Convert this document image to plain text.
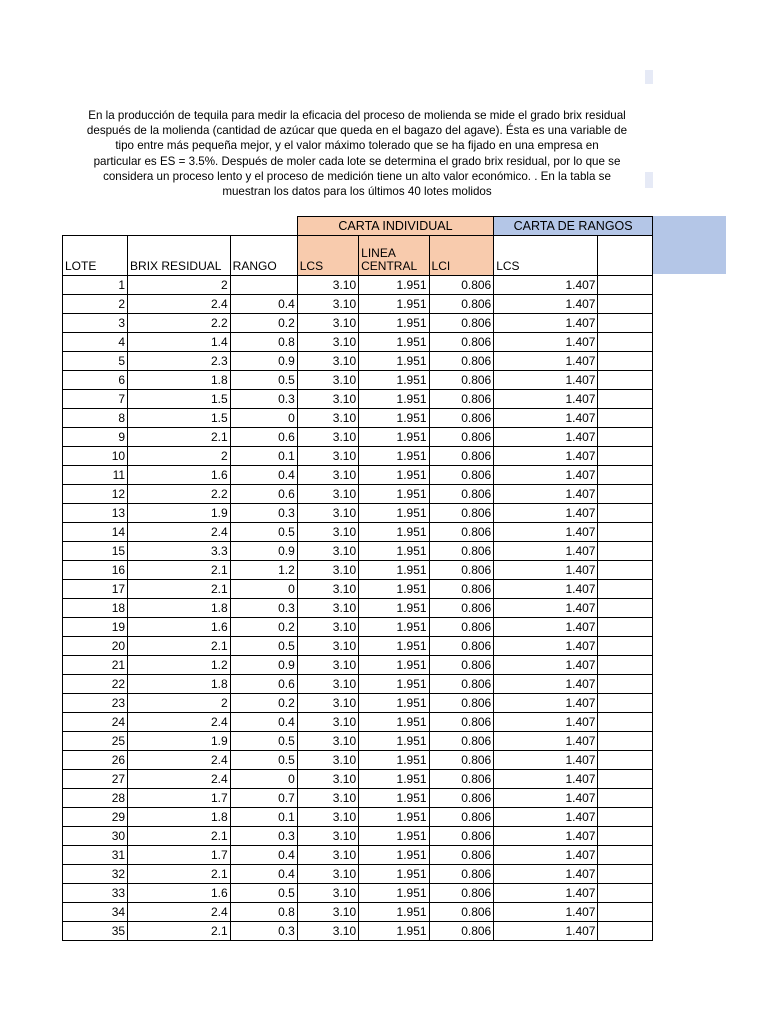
En la producción de tequila para medir la eficacia del proceso de molienda se mide el grado brix residual
después de la molienda (cantidad de azúcar que queda en el bagazo del agave). Ésta es una variable de
tipo entre más pequeña mejor, y el valor máximo tolerado que se ha fijado en una empresa en
particular es ES = 3.5%. Después de moler cada lote se determina el grado brix residual, por lo que se
considera un proceso lento y el proceso de medición tiene un alto valor económico. . En la tabla se
muestran los datos para los últimos 40 lotes molidos
			CARTA INDIVIDUAL			CARTA DE RANGOS	
LOTE	BRIX RESIDUAL	RANGO	LCS	LINEA CENTRAL	LCI	LCS	
1	2		3.10	1.951	0.806	1.407	
2	2.4	0.4	3.10	1.951	0.806	1.407	
3	2.2	0.2	3.10	1.951	0.806	1.407	
4	1.4	0.8	3.10	1.951	0.806	1.407	
5	2.3	0.9	3.10	1.951	0.806	1.407	
6	1.8	0.5	3.10	1.951	0.806	1.407	
7	1.5	0.3	3.10	1.951	0.806	1.407	
8	1.5	0	3.10	1.951	0.806	1.407	
9	2.1	0.6	3.10	1.951	0.806	1.407	
10	2	0.1	3.10	1.951	0.806	1.407	
11	1.6	0.4	3.10	1.951	0.806	1.407	
12	2.2	0.6	3.10	1.951	0.806	1.407	
13	1.9	0.3	3.10	1.951	0.806	1.407	
14	2.4	0.5	3.10	1.951	0.806	1.407	
15	3.3	0.9	3.10	1.951	0.806	1.407	
16	2.1	1.2	3.10	1.951	0.806	1.407	
17	2.1	0	3.10	1.951	0.806	1.407	
18	1.8	0.3	3.10	1.951	0.806	1.407	
19	1.6	0.2	3.10	1.951	0.806	1.407	
20	2.1	0.5	3.10	1.951	0.806	1.407	
21	1.2	0.9	3.10	1.951	0.806	1.407	
22	1.8	0.6	3.10	1.951	0.806	1.407	
23	2	0.2	3.10	1.951	0.806	1.407	
24	2.4	0.4	3.10	1.951	0.806	1.407	
25	1.9	0.5	3.10	1.951	0.806	1.407	
26	2.4	0.5	3.10	1.951	0.806	1.407	
27	2.4	0	3.10	1.951	0.806	1.407	
28	1.7	0.7	3.10	1.951	0.806	1.407	
29	1.8	0.1	3.10	1.951	0.806	1.407	
30	2.1	0.3	3.10	1.951	0.806	1.407	
31	1.7	0.4	3.10	1.951	0.806	1.407	
32	2.1	0.4	3.10	1.951	0.806	1.407	
33	1.6	0.5	3.10	1.951	0.806	1.407	
34	2.4	0.8	3.10	1.951	0.806	1.407	
35	2.1	0.3	3.10	1.951	0.806	1.407	
